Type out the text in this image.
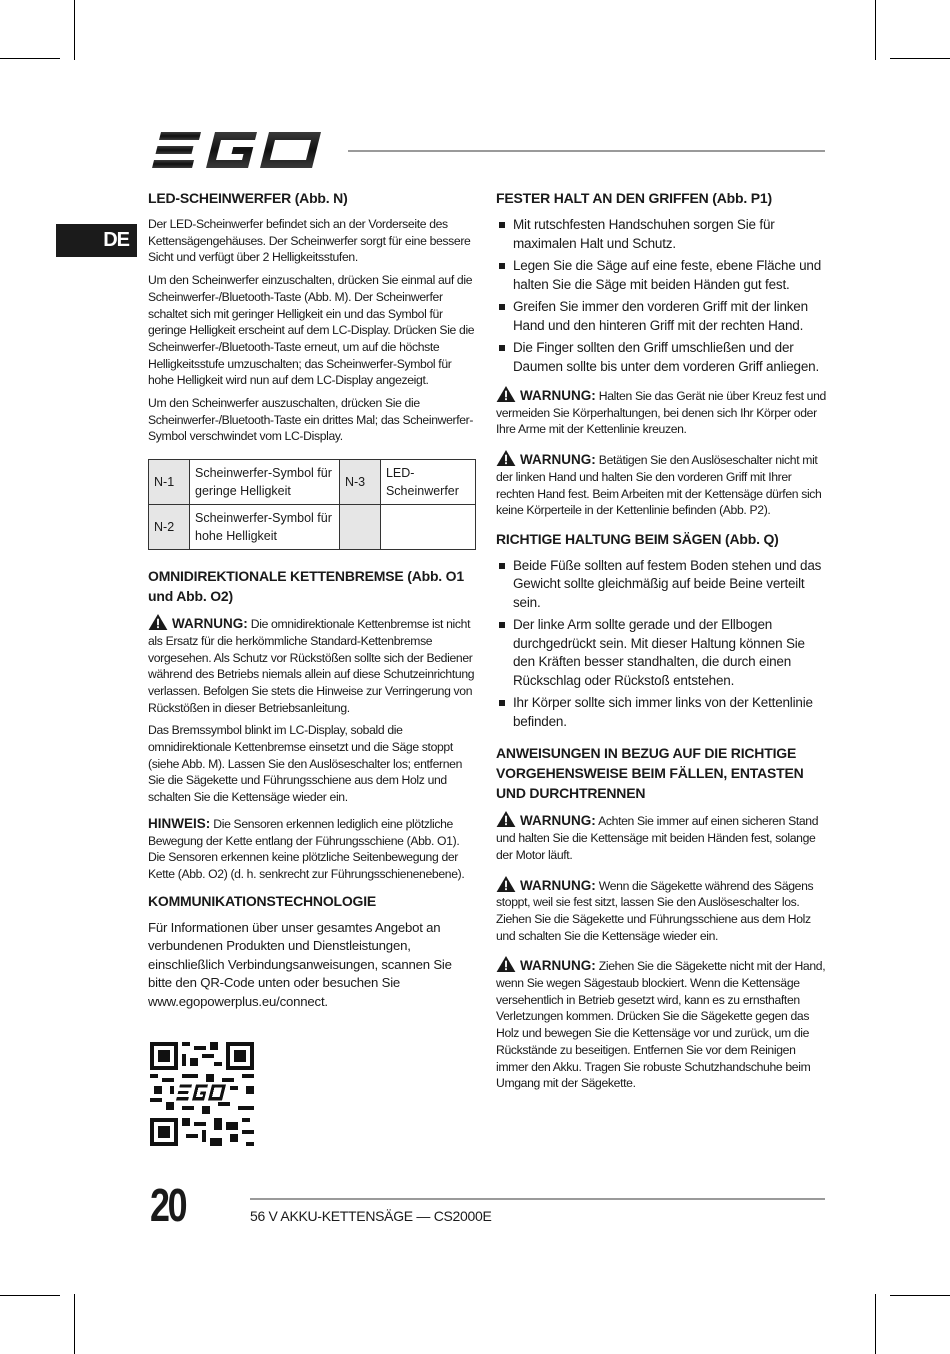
DE
LED-SCHEINWERFER (Abb. N)

Der LED-Scheinwerfer befindet sich an der Vorderseite des Kettensägengehäuses. Der Scheinwerfer sorgt für eine bessere Sicht und verfügt über 2 Helligkeitsstufen.

Um den Scheinwerfer einzuschalten, drücken Sie einmal auf die Scheinwerfer-/Bluetooth-Taste (Abb. M). Der Scheinwerfer schaltet sich mit geringer Helligkeit ein und das Symbol für geringe Helligkeit erscheint auf dem LC-Display. Drücken Sie die Scheinwerfer-/Bluetooth-Taste erneut, um auf die höchste Helligkeitsstufe umzuschalten; das Scheinwerfer-Symbol für hohe Helligkeit wird nun auf dem LC-Display angezeigt.

Um den Scheinwerfer auszuschalten, drücken Sie die Scheinwerfer-/Bluetooth-Taste ein drittes Mal; das Scheinwerfer-Symbol verschwindet vom LC-Display.

N-1	Scheinwerfer-Symbol für geringe Helligkeit	N-3	LED-Scheinwerfer
N-2	Scheinwerfer-Symbol für hohe Helligkeit		
OMNIDIREKTIONALE KETTENBREMSE (Abb. O1 und Abb. O2)

WARNUNG: Die omnidirektionale Kettenbremse ist nicht als Ersatz für die herkömmliche Standard-Kettenbremse vorgesehen. Als Schutz vor Rückstößen sollte sich der Bediener während des Betriebs niemals allein auf diese Schutzeinrichtung verlassen. Befolgen Sie stets die Hinweise zur Verringerung von Rückstößen in dieser Betriebsanleitung.

Das Bremssymbol blinkt im LC-Display, sobald die omnidirektionale Kettenbremse einsetzt und die Säge stoppt (siehe Abb. M). Lassen Sie den Auslöseschalter los; entfernen Sie die Sägekette und Führungsschiene aus dem Holz und schalten Sie die Kettensäge wieder ein.

HINWEIS: Die Sensoren erkennen lediglich eine plötzliche Bewegung der Kette entlang der Führungsschiene (Abb. O1). Die Sensoren erkennen keine plötzliche Seitenbewegung der Kette (Abb. O2) (d. h. senkrecht zur Führungsschienenebene).

KOMMUNIKATIONSTECHNOLOGIE

Für Informationen über unser gesamtes Angebot an verbundenen Produkten und Dienstleistungen, einschließlich Verbindungsanweisungen, scannen Sie bitte den QR-Code unten oder besuchen Sie www.egopowerplus.eu/connect.

FESTER HALT AN DEN GRIFFEN (Abb. P1)
Mit rutschfesten Handschuhen sorgen Sie für maximalen Halt und Schutz.
Legen Sie die Säge auf eine feste, ebene Fläche und halten Sie die Säge mit beiden Händen gut fest.
Greifen Sie immer den vorderen Griff mit der linken Hand und den hinteren Griff mit der rechten Hand.
Die Finger sollten den Griff umschließen und der Daumen sollte bis unter dem vorderen Griff anliegen.

WARNUNG: Halten Sie das Gerät nie über Kreuz fest und vermeiden Sie Körperhaltungen, bei denen sich Ihr Körper oder Ihre Arme mit der Kettenlinie kreuzen.

WARNUNG: Betätigen Sie den Auslöseschalter nicht mit der linken Hand und halten Sie den vorderen Griff mit Ihrer rechten Hand fest. Beim Arbeiten mit der Kettensäge dürfen sich keine Körperteile in der Kettenlinie befinden (Abb. P2).

RICHTIGE HALTUNG BEIM SÄGEN (Abb. Q)
Beide Füße sollten auf festem Boden stehen und das Gewicht sollte gleichmäßig auf beide Beine verteilt sein.
Der linke Arm sollte gerade und der Ellbogen durchgedrückt sein. Mit dieser Haltung können Sie den Kräften besser standhalten, die durch einen Rückschlag oder Rückstoß entstehen.
Ihr Körper sollte sich immer links von der Kettenlinie befinden.
ANWEISUNGEN IN BEZUG AUF DIE RICHTIGE VORGEHENSWEISE BEIM FÄLLEN, ENTASTEN UND DURCHTRENNEN

WARNUNG: Achten Sie immer auf einen sicheren Stand und halten Sie die Kettensäge mit beiden Händen fest, solange der Motor läuft.

WARNUNG: Wenn die Sägekette während des Sägens stoppt, weil sie fest sitzt, lassen Sie den Auslöseschalter los. Ziehen Sie die Sägekette und Führungsschiene aus dem Holz und schalten Sie die Kettensäge wieder ein.

WARNUNG: Ziehen Sie die Sägekette nicht mit der Hand, wenn Sie wegen Sägestaub blockiert. Wenn die Kettensäge versehentlich in Betrieb gesetzt wird, kann es zu ernsthaften Verletzungen kommen. Drücken Sie die Sägekette gegen das Holz und bewegen Sie die Kettensäge vor und zurück, um die Rückstände zu beseitigen. Entfernen Sie vor dem Reinigen immer den Akku. Tragen Sie robuste Schutzhandschuhe beim Umgang mit der Sägekette.

20	56 V AKKU-KETTENSÄGE — CS2000E
